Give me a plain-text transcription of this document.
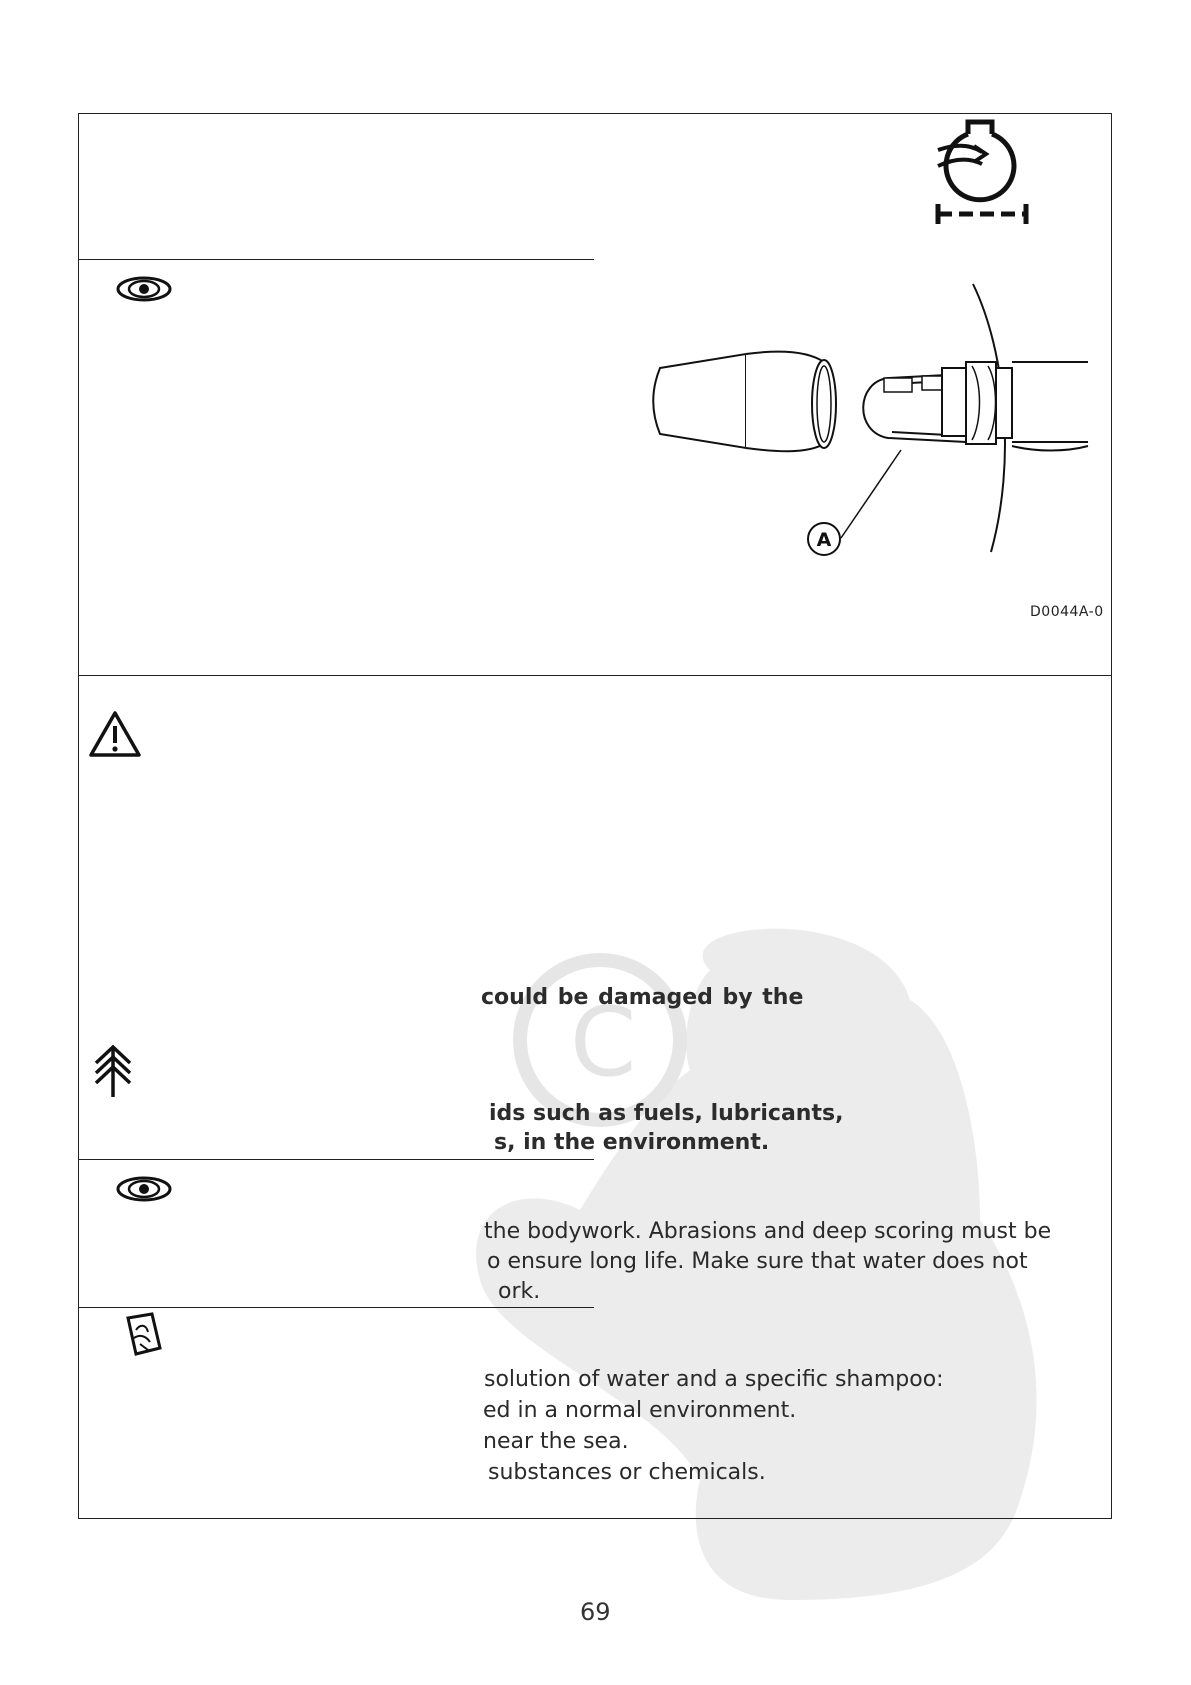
C
A
D0044A-0
could be damaged by the
ids such as fuels, lubricants,
s, in the environment.
the bodywork. Abrasions and deep scoring must be
o ensure long life. Make sure that water does not
ork.
solution of water and a specific shampoo:
ed in a normal environment.
near the sea.
substances or chemicals.
69
